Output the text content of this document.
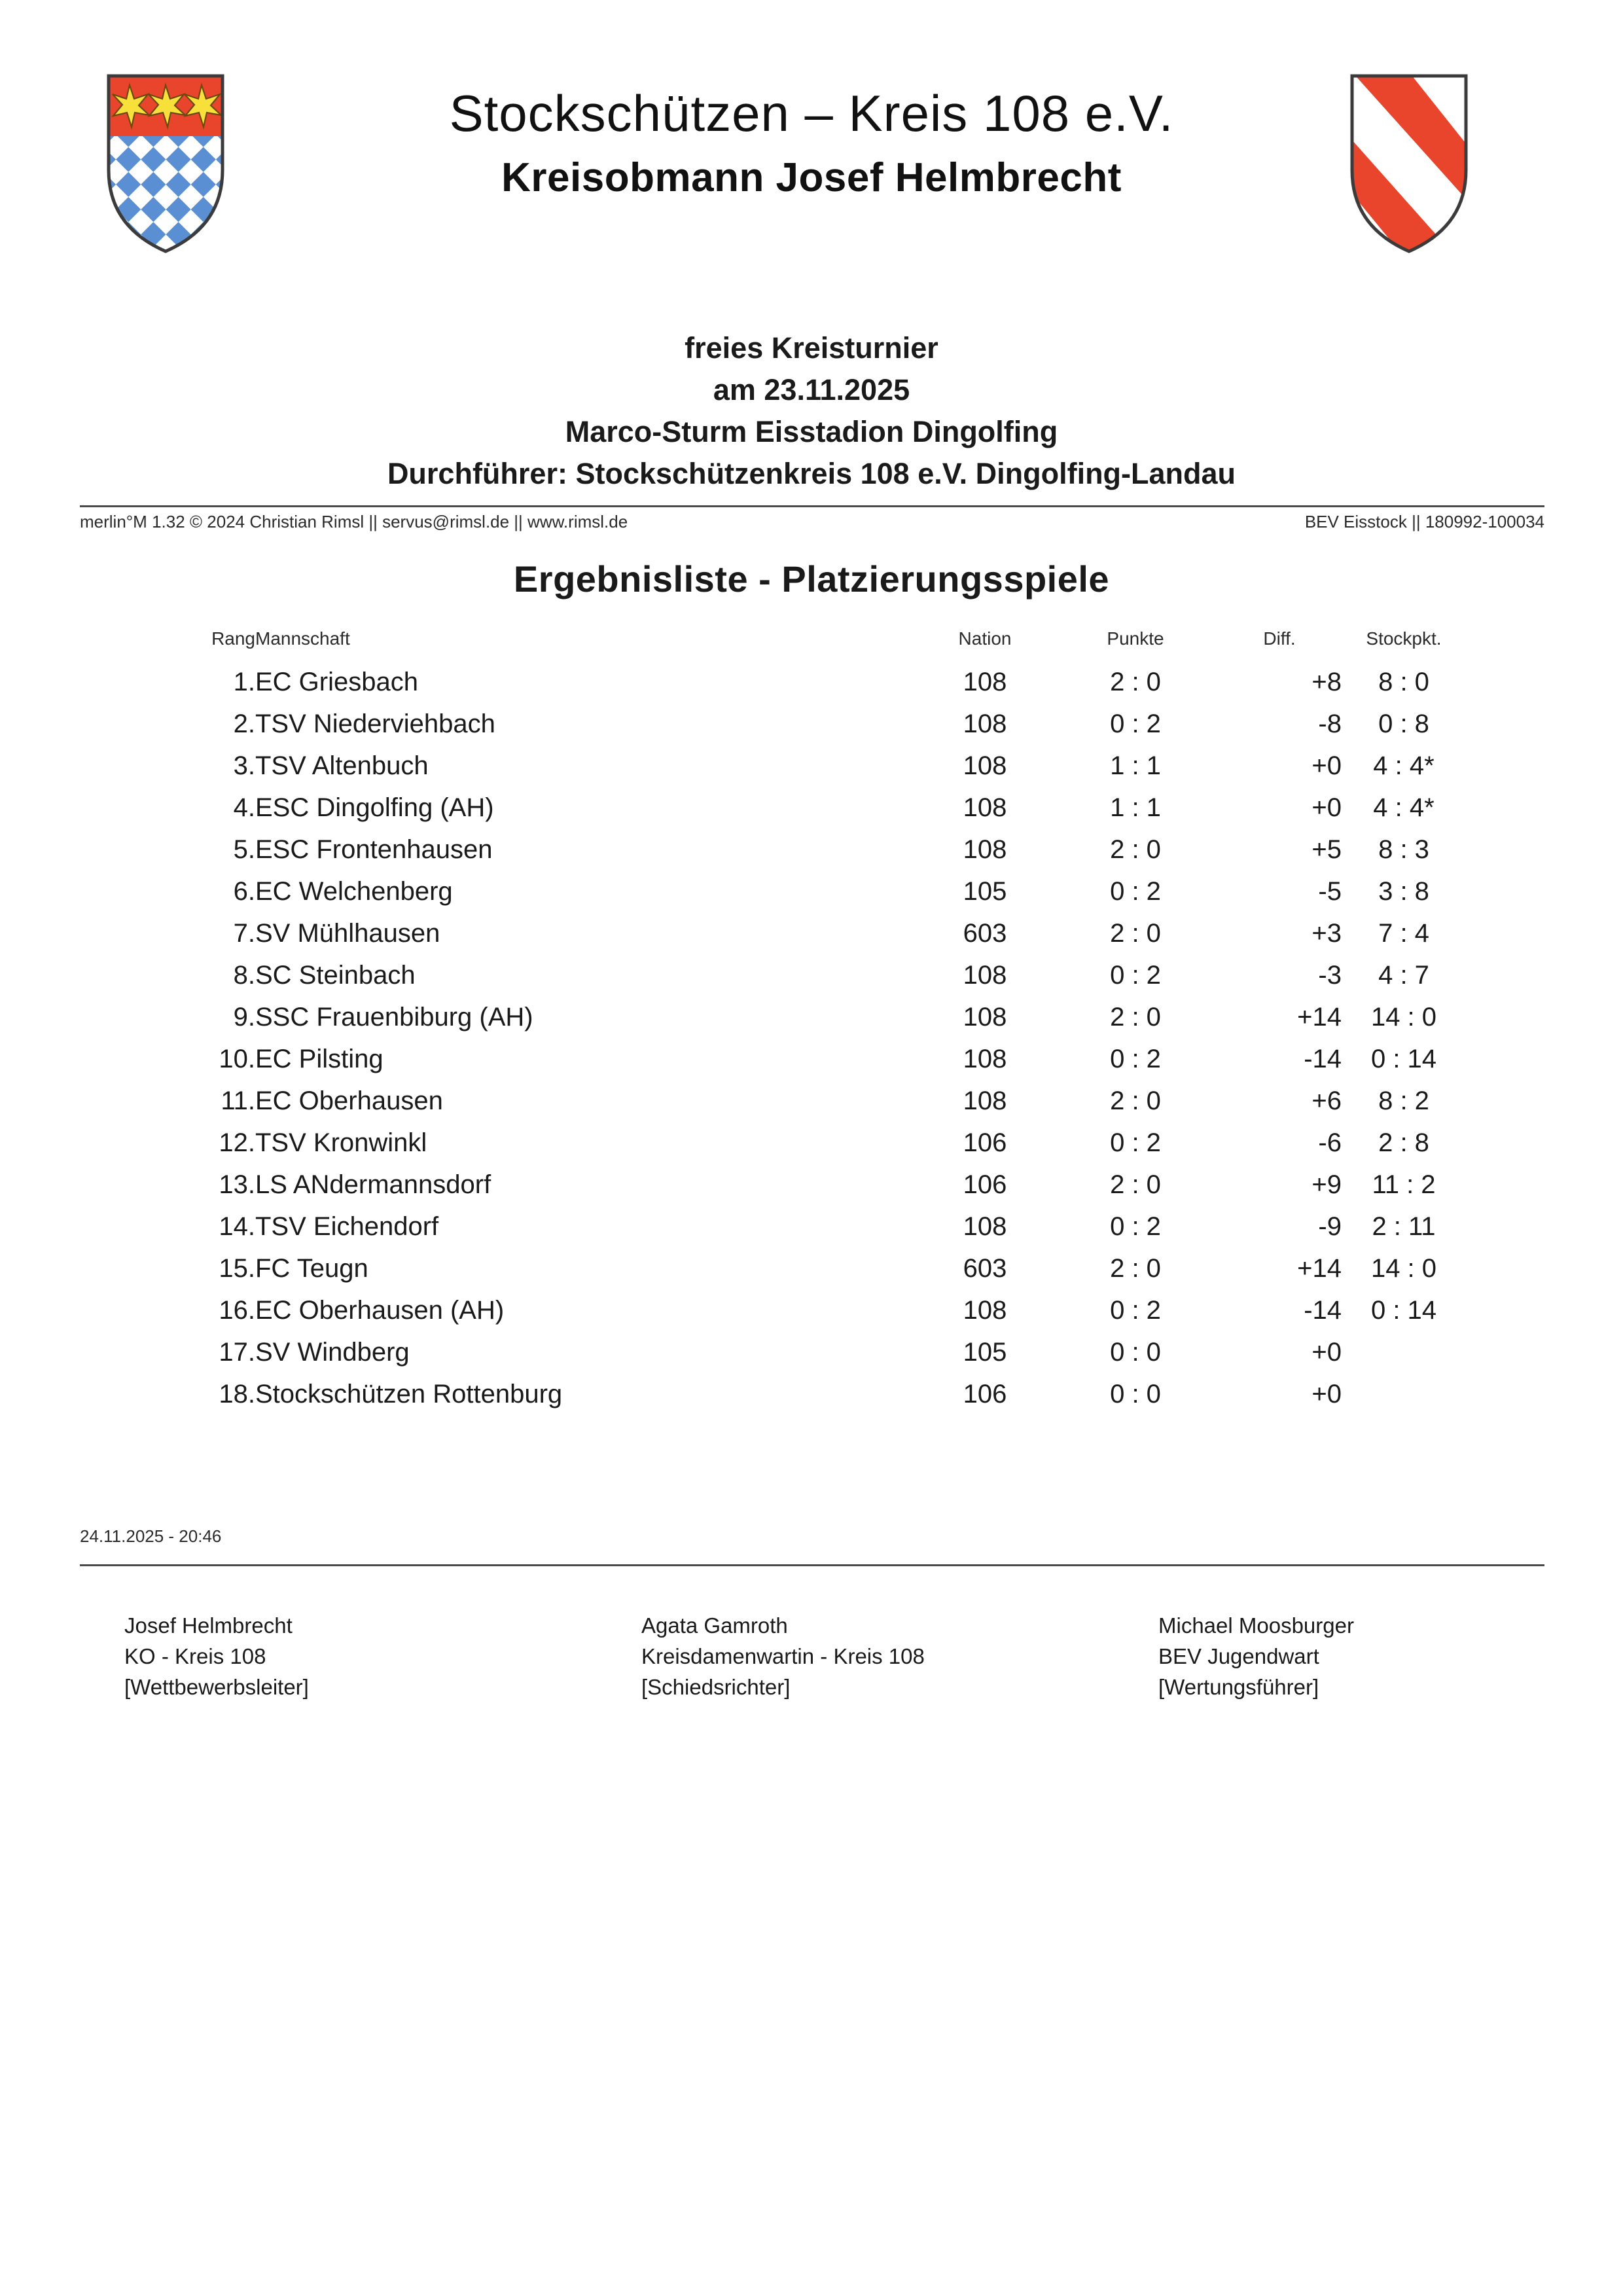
Stockschützen – Kreis 108 e.V.
Kreisobmann Josef Helmbrecht
freies Kreisturnier
am 23.11.2025
Marco-Sturm Eisstadion Dingolfing
Durchführer: Stockschützenkreis 108 e.V. Dingolfing-Landau
merlin°M 1.32 © 2024 Christian Rimsl || servus@rimsl.de || www.rimsl.de	BEV Eisstock || 180992-100034
Ergebnisliste - Platzierungsspiele
Rang	Mannschaft	Nation	Punkte	Diff.	Stockpkt.
1.	EC Griesbach	108	2 : 0	+8	8 : 0
2.	TSV Niederviehbach	108	0 : 2	-8	0 : 8
3.	TSV Altenbuch	108	1 : 1	+0	4 : 4*
4.	ESC Dingolfing (AH)	108	1 : 1	+0	4 : 4*
5.	ESC Frontenhausen	108	2 : 0	+5	8 : 3
6.	EC Welchenberg	105	0 : 2	-5	3 : 8
7.	SV Mühlhausen	603	2 : 0	+3	7 : 4
8.	SC Steinbach	108	0 : 2	-3	4 : 7
9.	SSC Frauenbiburg (AH)	108	2 : 0	+14	14 : 0
10.	EC Pilsting	108	0 : 2	-14	0 : 14
11.	EC Oberhausen	108	2 : 0	+6	8 : 2
12.	TSV Kronwinkl	106	0 : 2	-6	2 : 8
13.	LS ANdermannsdorf	106	2 : 0	+9	11 : 2
14.	TSV Eichendorf	108	0 : 2	-9	2 : 11
15.	FC Teugn	603	2 : 0	+14	14 : 0
16.	EC Oberhausen (AH)	108	0 : 2	-14	0 : 14
17.	SV Windberg	105	0 : 0	+0	
18.	Stockschützen Rottenburg	106	0 : 0	+0	
24.11.2025 - 20:46
Josef Helmbrecht
KO - Kreis 108
[Wettbewerbsleiter]
Agata Gamroth
Kreisdamenwartin - Kreis 108
[Schiedsrichter]
Michael Moosburger
BEV Jugendwart
[Wertungsführer]
